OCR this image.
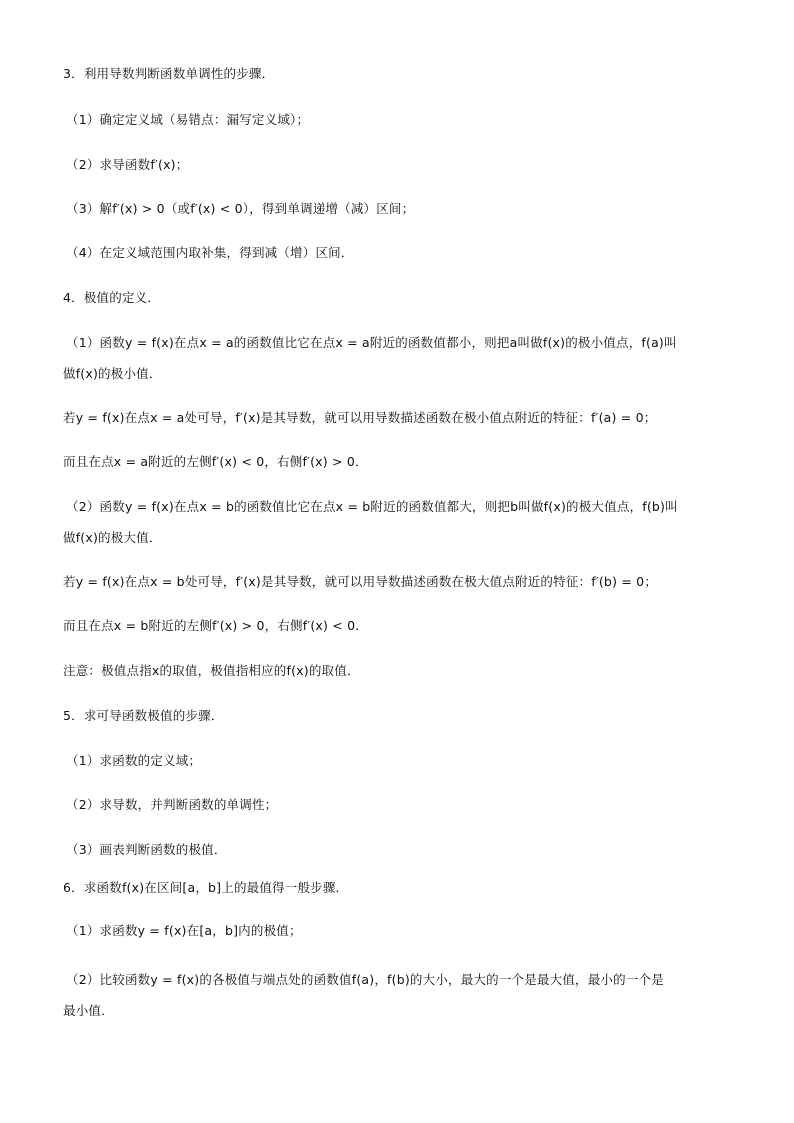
3．利用导数判断函数单调性的步骤．
（1）确定定义域（易错点：漏写定义域）；
（2）求导函数f′(x)；
（3）解f′(x) > 0（或f′(x) < 0），得到单调递增（减）区间；
（4）在定义域范围内取补集，得到减（增）区间．
4．极值的定义．
（1）函数y = f(x)在点x = a的函数值比它在点x = a附近的函数值都小，则把a叫做f(x)的极小值点，f(a)叫
做f(x)的极小值．
若y = f(x)在点x = a处可导，f′(x)是其导数，就可以用导数描述函数在极小值点附近的特征：f′(a) = 0；
而且在点x = a附近的左侧f′(x) < 0，右侧f′(x) > 0．
（2）函数y = f(x)在点x = b的函数值比它在点x = b附近的函数值都大，则把b叫做f(x)的极大值点，f(b)叫
做f(x)的极大值．
若y = f(x)在点x = b处可导，f′(x)是其导数，就可以用导数描述函数在极大值点附近的特征：f′(b) = 0；
而且在点x = b附近的左侧f′(x) > 0，右侧f′(x) < 0．
注意：极值点指x的取值，极值指相应的f(x)的取值．
5．求可导函数极值的步骤．
（1）求函数的定义域；
（2）求导数，并判断函数的单调性；
（3）画表判断函数的极值．
6．求函数f(x)在区间[a，b]上的最值得一般步骤．
（1）求函数y = f(x)在[a，b]内的极值；
（2）比较函数y = f(x)的各极值与端点处的函数值f(a)，f(b)的大小，最大的一个是最大值，最小的一个是
最小值．
